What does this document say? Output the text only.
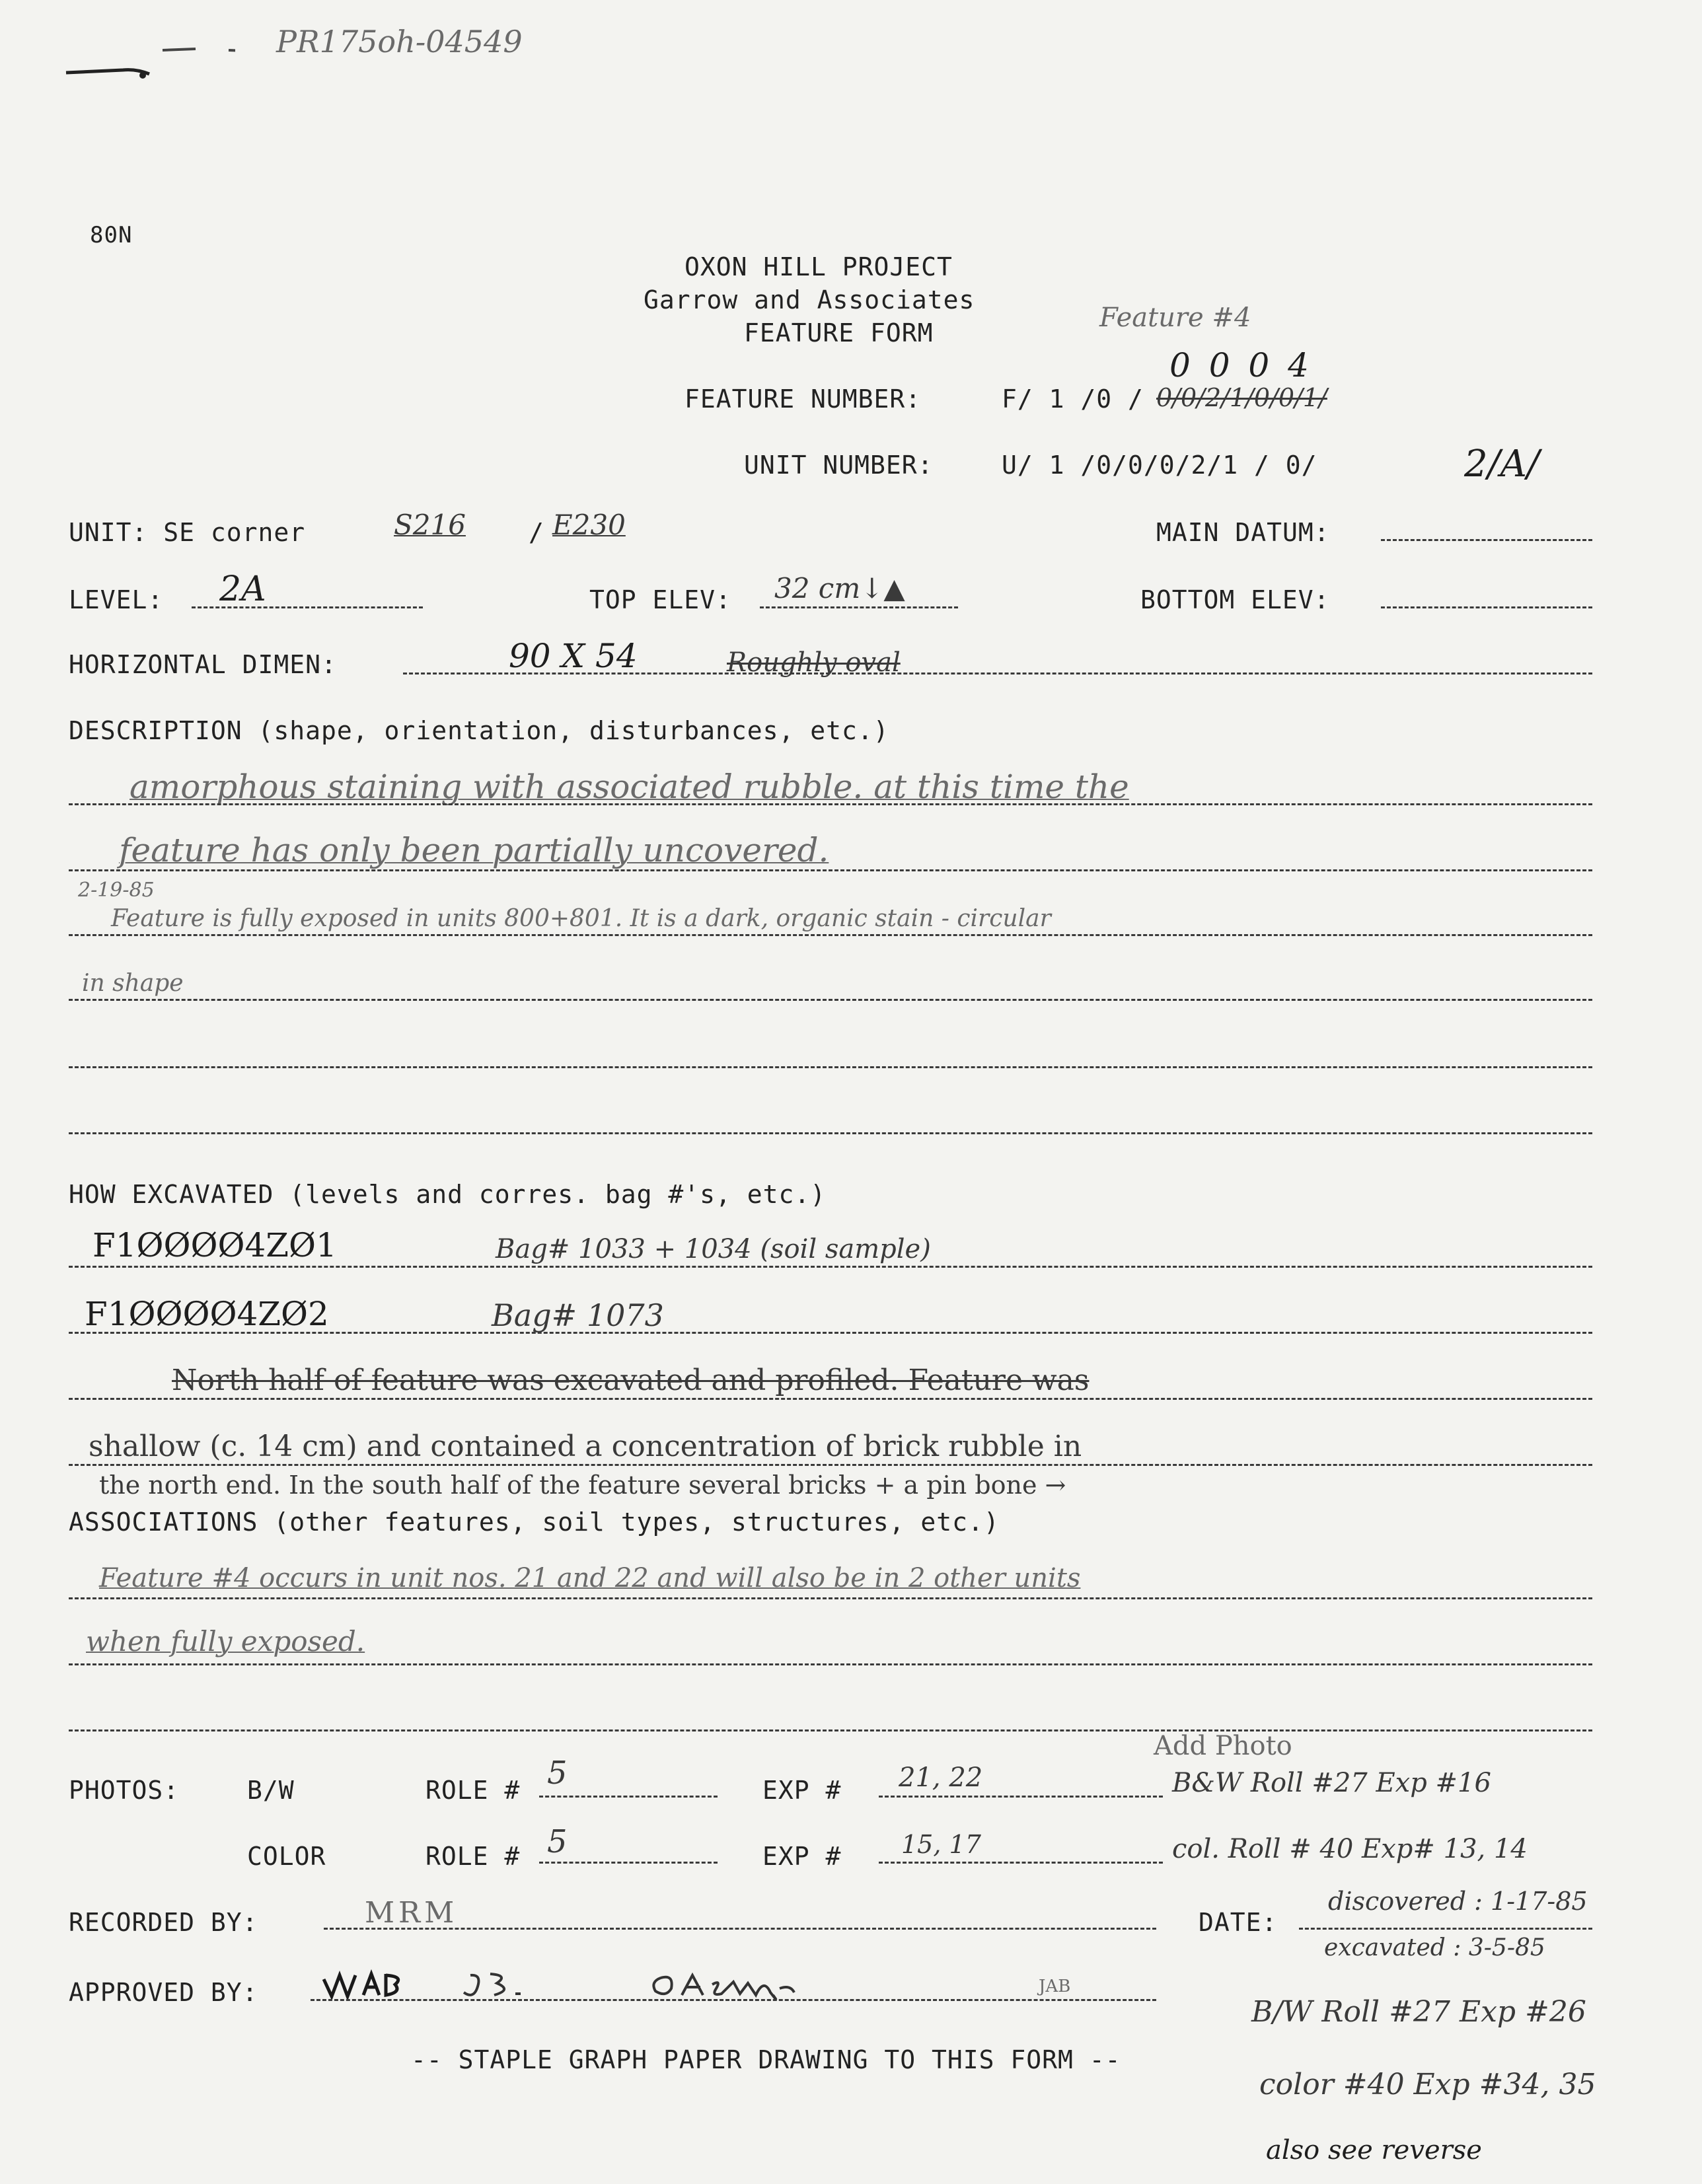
PR175oh-04549
80N
OXON HILL PROJECT
Garrow and Associates
FEATURE FORM	Feature #4
FEATURE NUMBER:	F/ 1 /0 / 0/0/2/1/0/0/1/
0 0 0 4
UNIT NUMBER:	U/ 1 /0/0/0/2/1 / 0/	2/A/
UNIT: SE corner	S216	/ E230	MAIN DATUM:
LEVEL: 2A	TOP ELEV: 32 cm↓▲	BOTTOM ELEV:
HORIZONTAL DIMEN:	90 X 54	Roughly oval
DESCRIPTION (shape, orientation, disturbances, etc.)
amorphous staining with associated rubble. at this time the
feature has only been partially uncovered.
2-19-85
Feature is fully exposed in units 800+801. It is a dark, organic stain - circular
in shape
HOW EXCAVATED (levels and corres. bag #'s, etc.)
F1ØØØØ4ZØ1	Bag# 1033 + 1034 (soil sample)
F1ØØØØ4ZØ2	Bag# 1073
North half of feature was excavated and profiled. Feature was
shallow (c. 14 cm) and contained a concentration of brick rubble in
the north end. In the south half of the feature several bricks + a pin bone →
ASSOCIATIONS (other features, soil types, structures, etc.)
Feature #4 occurs in unit nos. 21 and 22 and will also be in 2 other units
when fully exposed.
PHOTOS:	B/W	ROLE # 5	EXP # 21, 22
Add Photo
B&W Roll #27 Exp #16
COLOR	ROLE # 5	EXP # 15, 17	col. Roll # 40 Exp# 13, 14
RECORDED BY:	MRM	DATE:
discovered : 1-17-85
excavated : 3-5-85
APPROVED BY:	JAB
-- STAPLE GRAPH PAPER DRAWING TO THIS FORM --
B/W Roll #27 Exp #26
color #40 Exp #34, 35
also see reverse
